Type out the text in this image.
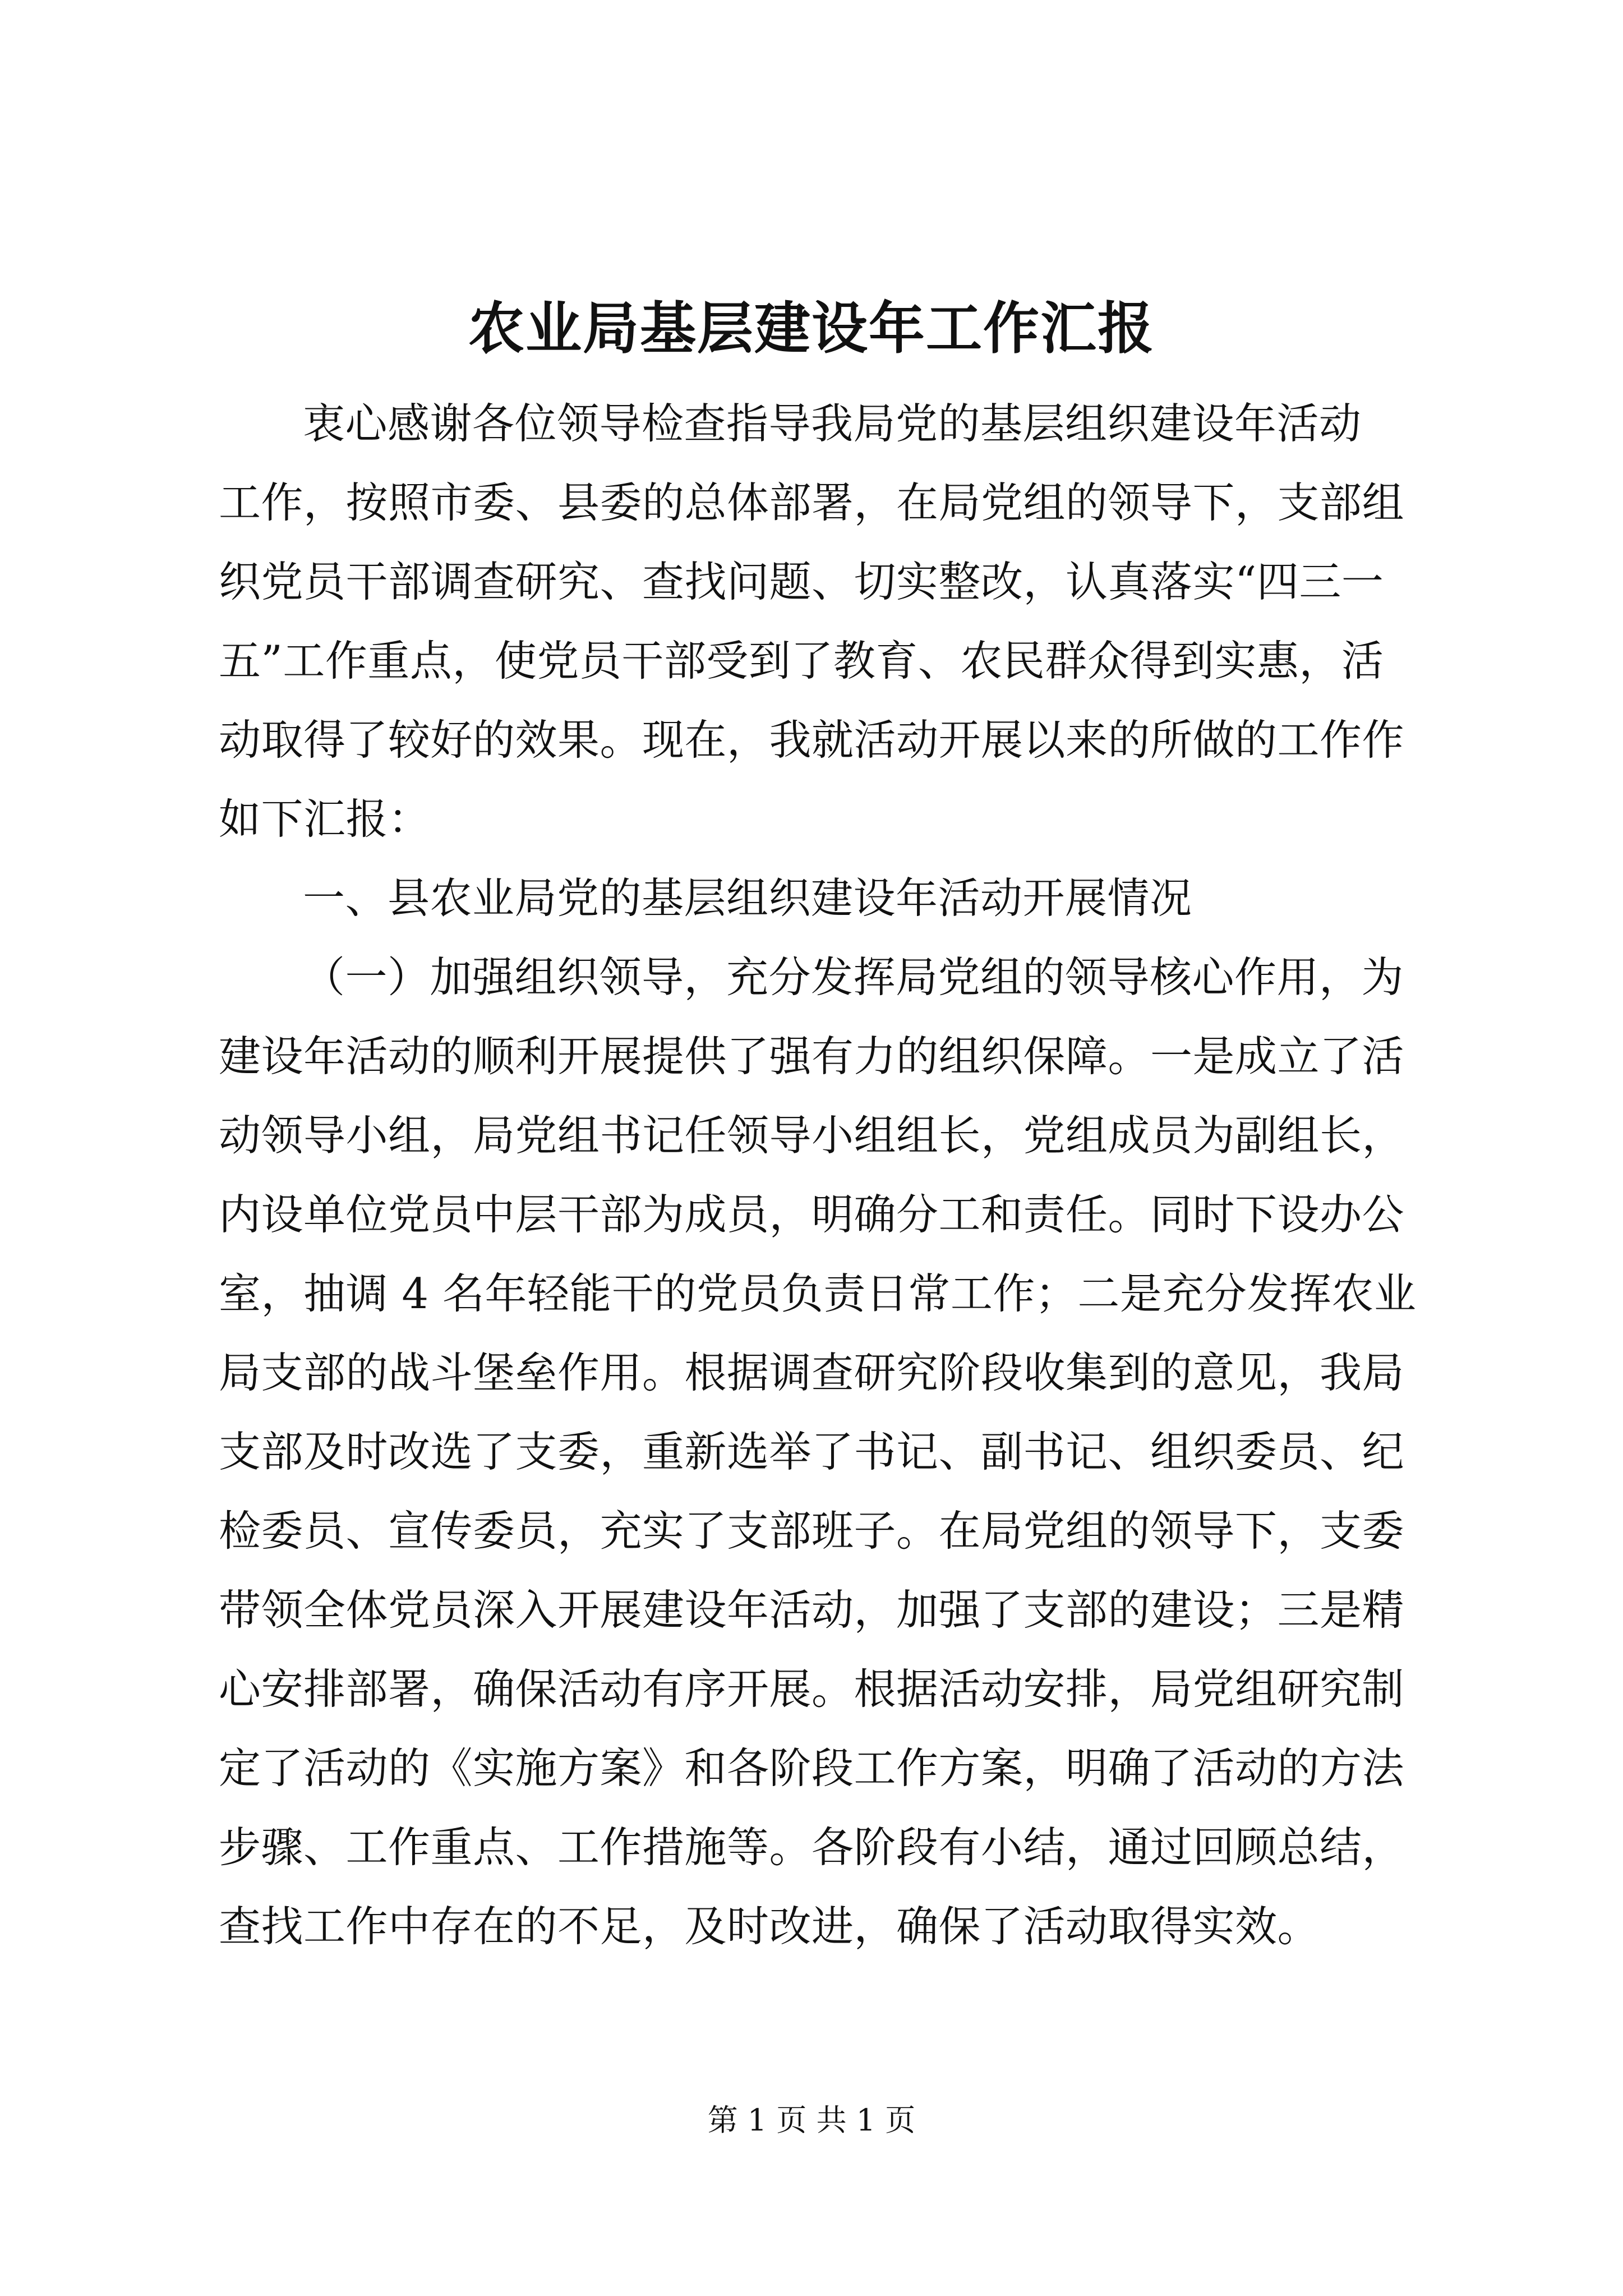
农业局基层建设年工作汇报
衷心感谢各位领导检查指导我局党的基层组织建设年活动
工作，按照市委、县委的总体部署，在局党组的领导下，支部组
织党员干部调查研究、查找问题、切实整改，认真落实“四三一
五”工作重点，使党员干部受到了教育、农民群众得到实惠，活
动取得了较好的效果。现在，我就活动开展以来的所做的工作作
如下汇报：
一、县农业局党的基层组织建设年活动开展情况
（一）加强组织领导，充分发挥局党组的领导核心作用，为
建设年活动的顺利开展提供了强有力的组织保障。一是成立了活
动领导小组，局党组书记任领导小组组长，党组成员为副组长，
内设单位党员中层干部为成员，明确分工和责任。同时下设办公
室，抽调 4 名年轻能干的党员负责日常工作；二是充分发挥农业
局支部的战斗堡垒作用。根据调查研究阶段收集到的意见，我局
支部及时改选了支委，重新选举了书记、副书记、组织委员、纪
检委员、宣传委员，充实了支部班子。在局党组的领导下，支委
带领全体党员深入开展建设年活动，加强了支部的建设；三是精
心安排部署，确保活动有序开展。根据活动安排，局党组研究制
定了活动的《实施方案》和各阶段工作方案，明确了活动的方法
步骤、工作重点、工作措施等。各阶段有小结，通过回顾总结，
查找工作中存在的不足，及时改进，确保了活动取得实效。
第 1 页 共 1 页
